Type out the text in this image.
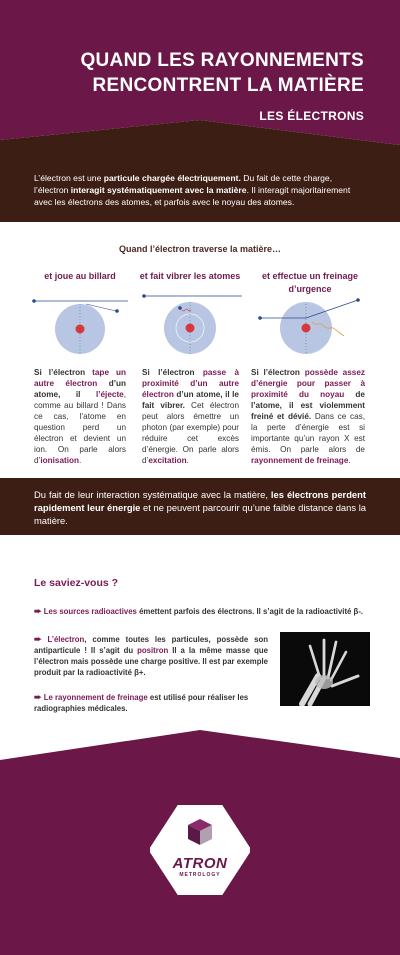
QUAND LES RAYONNEMENTS
RENCONTRENT LA MATIÈRE
LES ÉLECTRONS
L’électron est une particule chargée électriquement. Du fait de cette charge, l’électron interagit systématiquement avec la matière. Il interagit majoritairement avec les électrons des atomes, et parfois avec le noyau des atomes.
Quand l’électron traverse la matière…
et joue au billard	et fait vibrer les atomes	et effectue un freinage
d’urgence
Si l’électron tape un autre électron d’un atome, il l’éjecte, comme au billard ! Dans ce cas, l’atome en question perd un électron et devient un ion. On parle alors d’ionisation.
Si l’électron passe à proximité d’un autre électron d’un atome, il le fait vibrer. Cet électron peut alors émettre un photon (par exemple) pour réduire cet excès d’énergie. On parle alors d’excitation.
Si l’électron possède assez d’énergie pour passer à proximité du noyau de l’atome, il est violemment freiné et dévié. Dans ce cas, la perte d’énergie est si importante qu’un rayon X est émis. On parle alors de rayonnement de freinage.
Du fait de leur interaction systématique avec la matière, les électrons perdent rapidement leur énergie et ne peuvent parcourir qu’une faible distance dans la matière.
Le saviez-vous ?
➨ Les sources radioactives émettent parfois des électrons. Il s’agit de la radioactivité β-.
➨ L’électron, comme toutes les particules, possède son antiparticule ! Il s’agit du positron Il a la même masse que l’électron mais possède une charge positive. Il est par exemple produit par la radioactivité β+.
➨ Le rayonnement de freinage est utilisé pour réaliser les radiographies médicales.
ATRON
METROLOGY
